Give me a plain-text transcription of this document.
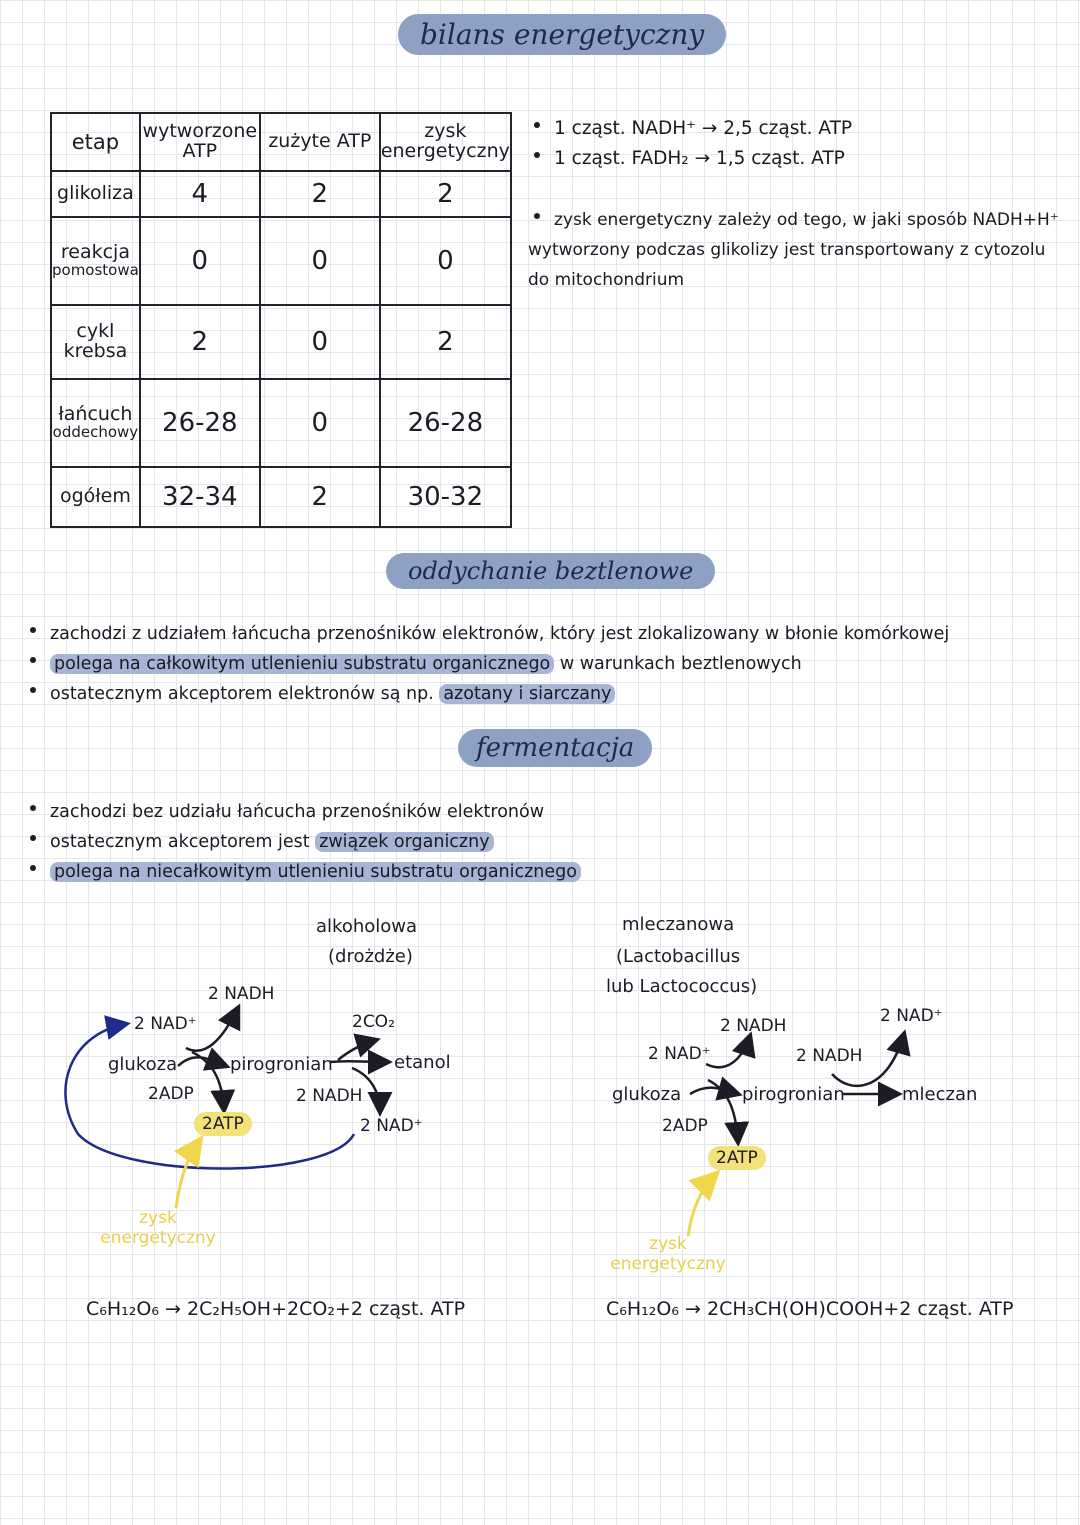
bilans energetyczny
oddychanie beztlenowe
fermentacja
etap	wytworzone ATP	zużyte ATP	zysk energetyczny
glikoliza	4	2	2
reakcja
pomostowa	0	0	0
cykl
krebsa	2	0	2
łańcuch
oddechowy	26-28	0	26-28
ogółem	32-34	2	30-32
1 cząst. NADH⁺ → 2,5 cząst. ATP
1 cząst. FADH₂ → 1,5 cząst. ATP
zysk energetyczny zależy od tego, w jaki sposób NADH+H⁺
wytworzony podczas glikolizy jest transportowany z cytozolu
do mitochondrium
zachodzi z udziałem łańcucha przenośników elektronów, który jest zlokalizowany w błonie komórkowej
polega na całkowitym utlenieniu substratu organicznego w warunkach beztlenowych
ostatecznym akceptorem elektronów są np. azotany i siarczany
zachodzi bez udziału łańcucha przenośników elektronów
ostatecznym akceptorem jest związek organiczny
polega na niecałkowitym utlenieniu substratu organicznego
alkoholowa
(drożdże)
2 NADH
2 NAD⁺
glukoza
2ADP
pirogronian
2CO₂
etanol
2 NADH
2 NAD⁺
2ATP
zysk energetyczny
C₆H₁₂O₆ → 2C₂H₅OH+2CO₂+2 cząst. ATP
mleczanowa
(Lactobacillus
lub Lactococcus)
2 NADH	2 NAD⁺
2 NAD⁺	2 NADH
glukoza	pirogronian	mleczan
2ADP
2ATP
zysk energetyczny
C₆H₁₂O₆ → 2CH₃CH(OH)COOH+2 cząst. ATP
